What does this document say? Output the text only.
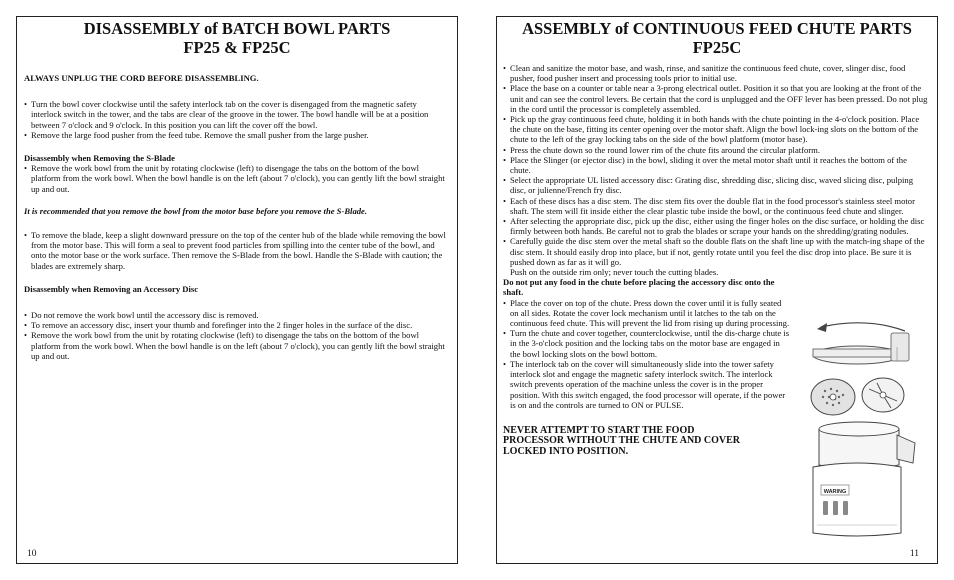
DISASSEMBLY of BATCH BOWL PARTS
FP25 & FP25C

ALWAYS UNPLUG THE CORD BEFORE DISASSEMBLING.

• Turn the bowl cover clockwise until the safety interlock tab on the cover is disengaged from the magnetic safety interlock switch in the tower, and the tabs are clear of the groove in the tower. The bowl handle will be at a position between 7 o'clock and 9 o'clock. In this position you can lift the cover off the bowl.

• Remove the large food pusher from the feed tube. Remove the small pusher from the large pusher.

Disassembly when Removing the S-Blade

• Remove the work bowl from the unit by rotating clockwise (left) to disengage the tabs on the bottom of the bowl platform from the work bowl. When the bowl handle is on the left (about 7 o'clock), you can gently lift the bowl straight up and out.

It is recommended that you remove the bowl from the motor base before you remove the S-Blade.

• To remove the blade, keep a slight downward pressure on the top of the center hub of the blade while removing the bowl from the motor base. This will form a seal to prevent food particles from spilling into the center tube of the bowl, and onto the motor base or the work surface. Then remove the S-Blade from the bowl. Handle the S-Blade with caution; the blades are extremely sharp.

Disassembly when Removing an Accessory Disc

• Do not remove the work bowl until the accessory disc is removed.

• To remove an accessory disc, insert your thumb and forefinger into the 2 finger holes in the surface of the disc.

• Remove the work bowl from the unit by rotating clockwise (left) to disengage the tabs on the bottom of the bowl platform from the work bowl. When the bowl handle is on the left (about 7 o'clock), you can gently lift the bowl straight up and out.

10
ASSEMBLY of CONTINUOUS FEED CHUTE PARTS
FP25C

• Clean and sanitize the motor base, and wash, rinse, and sanitize the continuous feed chute, cover, slinger disc, food pusher, food pusher insert and processing tools prior to initial use.

• Place the base on a counter or table near a 3-prong electrical outlet. Position it so that you are looking at the front of the unit and can see the control levers. Be certain that the cord is unplugged and the OFF lever has been pressed. Do not plug in the cord until the processor is completely assembled.

• Pick up the gray continuous feed chute, holding it in both hands with the chute pointing in the 4-o'clock position. Place the chute on the base, fitting its center opening over the motor shaft. Align the bowl lock-ing slots on the bottom of the chute to the left of the gray locking tabs on the side of the bowl platform (motor base).

• Press the chute down so the round lower rim of the chute fits around the circular platform.

• Place the Slinger (or ejector disc) in the bowl, sliding it over the metal motor shaft until it reaches the bottom of the chute.

• Select the appropriate UL listed accessory disc: Grating disc, shredding disc, slicing disc, waved slicing disc, pulping disc, or julienne/French fry disc.

• Each of these discs has a disc stem. The disc stem fits over the double flat in the food processor's stainless steel motor shaft. The stem will fit inside either the clear plastic tube inside the bowl, or the continuous feed chute and slinger.

• After selecting the appropriate disc, pick up the disc, either using the finger holes on the disc surface, or holding the disc firmly between both hands. Be careful not to grab the blades or scrape your hands on the shredding/grating nodules.

• Carefully guide the disc stem over the metal shaft so the double flats on the shaft line up with the match-ing shape of the disc stem. It should easily drop into place, but if not, gently rotate until you feel the disc drop into place. Be sure it is pushed down as far as it will go.
Push on the outside rim only; never touch the cutting blades.

Do not put any food in the chute before placing the accessory disc onto the shaft.

• Place the cover on top of the chute. Press down the cover until it is fully seated on all sides. Rotate the cover lock mechanism until it latches to the tab on the continuous feed chute. This will prevent the lid from rising up during processing.

• Turn the chute and cover together, counterclockwise, until the dis-charge chute is in the 3-o'clock position and the locking tabs on the motor base are engaged in the bowl locking slots on the bowl bottom.

• The interlock tab on the cover will simultaneously slide into the tower safety interlock slot and engage the magnetic safety interlock switch. The interlock switch prevents operation of the machine unless the cover is in the proper position. With this switch engaged, the food processor will operate, if the power is on and the controls are turned to ON or PULSE.

NEVER ATTEMPT TO START THE FOOD
PROCESSOR WITHOUT THE CHUTE AND COVER
LOCKED INTO POSITION.

WARING
11
